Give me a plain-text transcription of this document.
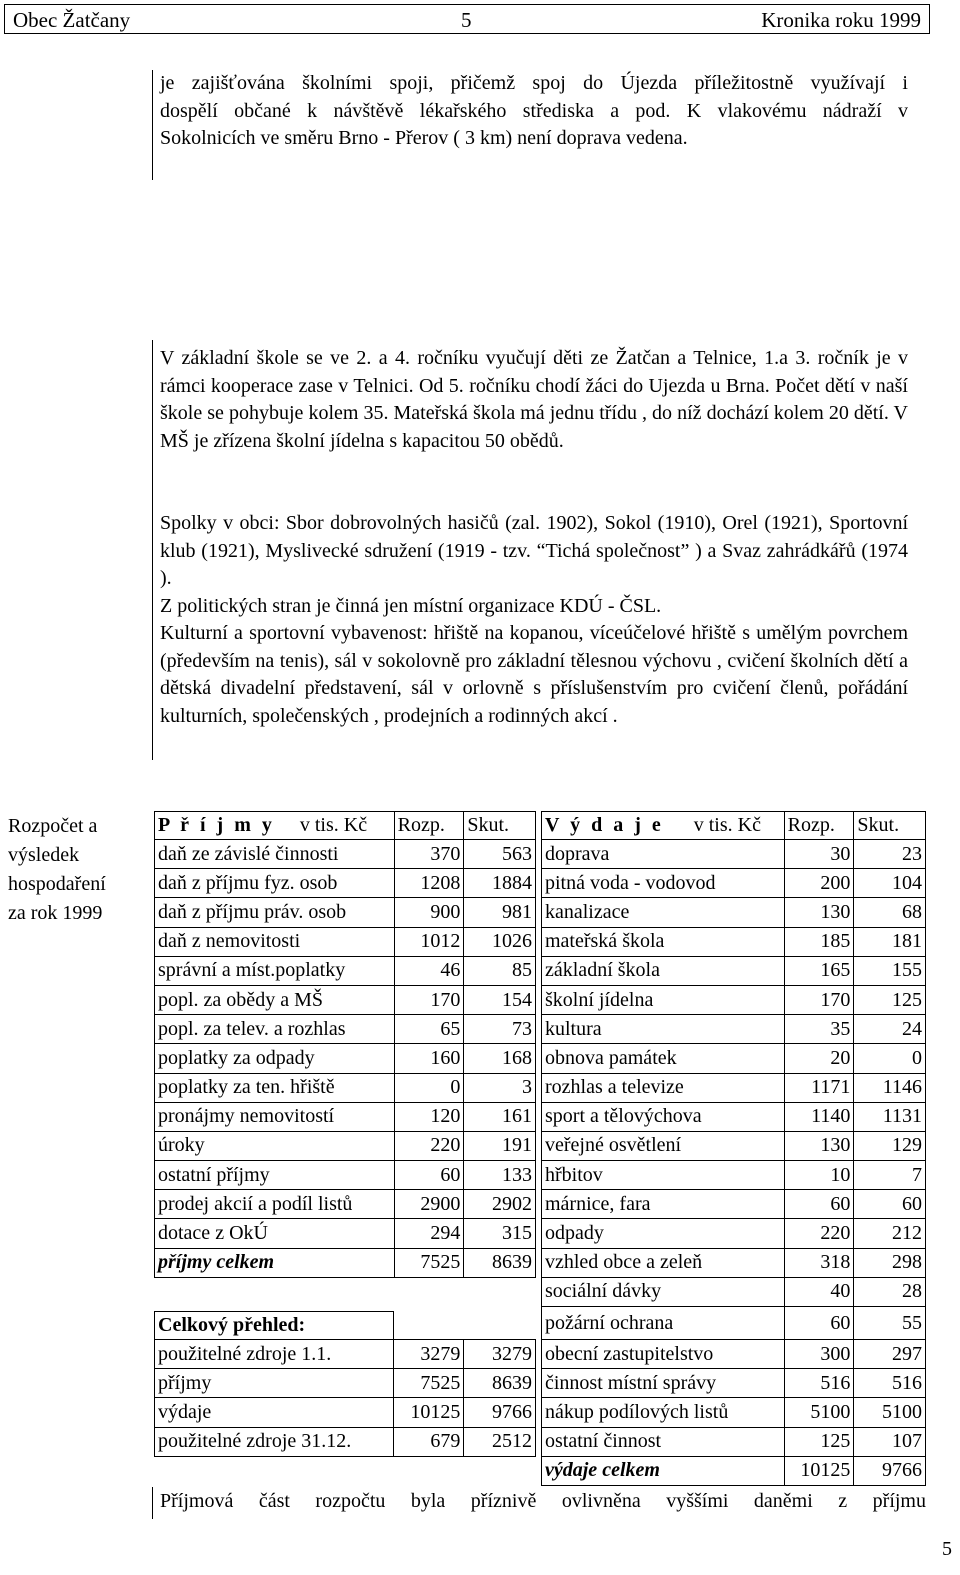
Obec Žatčany	5	Kronika roku 1999

je zajišťována školními spoji, přičemž spoj do Újezda příležitostně využívají i

dospělí občané k návštěvě lékařského střediska a pod. K vlakovému nádraží v

Sokolnicích ve směru Brno - Přerov ( 3 km) není doprava vedena.

V základní škole se ve 2. a 4. ročníku vyučují děti ze Žatčan a Telnice, 1.a 3. ročník je v rámci kooperace zase v Telnici. Od 5. ročníku chodí žáci do Ujezda u Brna. Počet dětí v naší škole se pohybuje kolem 35. Mateřská škola má jednu třídu , do níž dochází kolem 20 dětí. V MŠ je zřízena školní jídelna s kapacitou 50 obědů.

Spolky v obci: Sbor dobrovolných hasičů (zal. 1902), Sokol (1910), Orel (1921), Sportovní klub (1921), Myslivecké sdružení (1919 - tzv. “Tichá společnost” ) a Svaz zahrádkářů (1974 ).

Z politických stran je činná jen místní organizace KDÚ - ČSL.

Kulturní a sportovní vybavenost: hřiště na kopanou, víceúčelové hřiště s umělým povrchem (především na tenis), sál v sokolovně pro základní tělesnou výchovu , cvičení školních dětí a dětská divadelní představení, sál v orlovně s příslušenstvím pro cvičení členů, pořádání kulturních, společenských , prodejních a rodinných akcí .

Rozpočet a
výsledek
hospodaření
za rok 1999
P ř í j m y v tis. Kč	Rozp.	Skut.
daň ze závislé činnosti	370	563
daň z příjmu fyz. osob	1208	1884
daň z příjmu práv. osob	900	981
daň z nemovitosti	1012	1026
správní a míst.poplatky	46	85
popl. za obědy a MŠ	170	154
popl. za telev. a rozhlas	65	73
poplatky za odpady	160	168
poplatky za ten. hřiště	0	3
pronájmy nemovitostí	120	161
úroky	220	191
ostatní příjmy	60	133
prodej akcií a podíl listů	2900	2902
dotace z OkÚ	294	315
příjmy celkem	7525	8639
Celkový přehled:		
použitelné zdroje 1.1.	3279	3279
příjmy	7525	8639
výdaje	10125	9766
použitelné zdroje 31.12.	679	2512
V ý d a j e v tis. Kč	Rozp.	Skut.
doprava	30	23
pitná voda - vodovod	200	104
kanalizace	130	68
mateřská škola	185	181
základní škola	165	155
školní jídelna	170	125
kultura	35	24
obnova památek	20	0
rozhlas a televize	1171	1146
sport a tělovýchova	1140	1131
veřejné osvětlení	130	129
hřbitov	10	7
márnice, fara	60	60
odpady	220	212
vzhled obce a zeleň	318	298
sociální dávky	40	28
požární ochrana	60	55
obecní zastupitelstvo	300	297
činnost místní správy	516	516
nákup podílových listů	5100	5100
ostatní činnost	125	107
výdaje celkem	10125	9766

Příjmová část rozpočtu byla příznivě ovlivněna vyššími daněmi z příjmu

5
